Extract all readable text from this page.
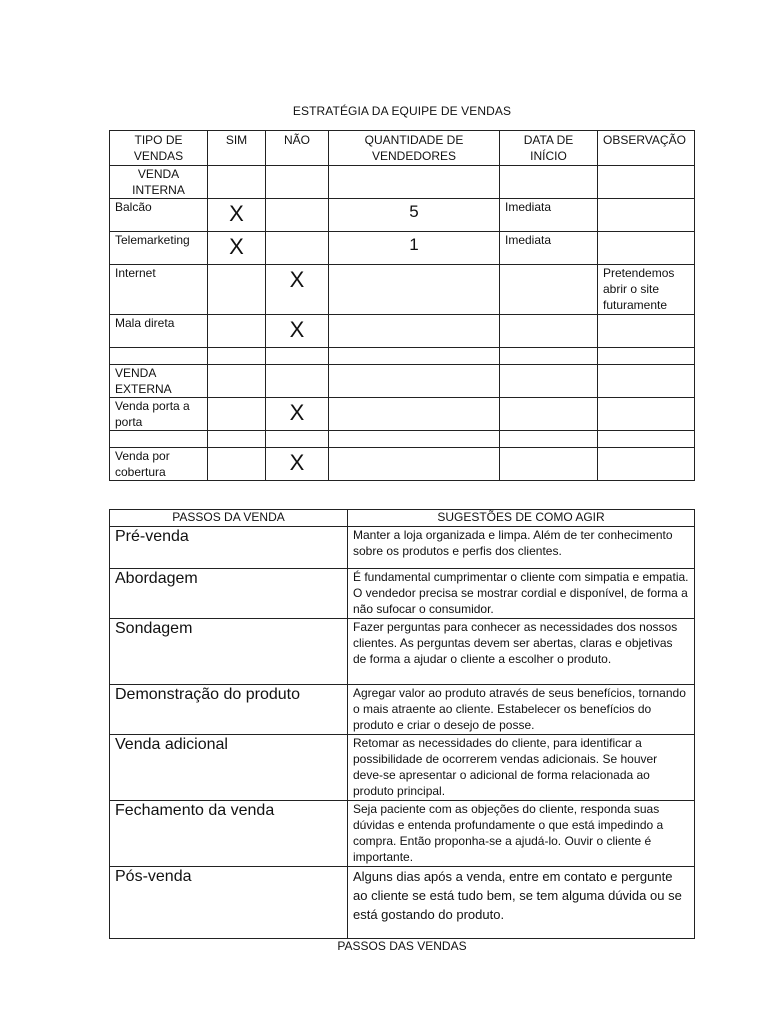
ESTRATÉGIA DA EQUIPE DE VENDAS
TIPO DE VENDAS	SIM	NÃO	QUANTIDADE DE VENDEDORES	DATA DE INÍCIO	OBSERVAÇÃO
VENDA INTERNA					
Balcão	X		5	Imediata	
Telemarketing	X		1	Imediata	
Internet		X			Pretendemos abrir o site futuramente
Mala direta		X			

VENDA EXTERNA					
Venda porta a porta		X			

Venda por cobertura		X			
PASSOS DA VENDA	SUGESTÕES DE COMO AGIR
Pré-venda	Manter a loja organizada e limpa. Além de ter conhecimento sobre os produtos e perfis dos clientes.
Abordagem	É fundamental cumprimentar o cliente com simpatia e empatia. O vendedor precisa se mostrar cordial e disponível, de forma a não sufocar o consumidor.
Sondagem	Fazer perguntas para conhecer as necessidades dos nossos clientes. As perguntas devem ser abertas, claras e objetivas de forma a ajudar o cliente a escolher o produto.
Demonstração do produto	Agregar valor ao produto através de seus benefícios, tornando o mais atraente ao cliente. Estabelecer os benefícios do produto e criar o desejo de posse.
Venda adicional	Retomar as necessidades do cliente, para identificar a possibilidade de ocorrerem vendas adicionais. Se houver deve-se apresentar o adicional de forma relacionada ao produto principal.
Fechamento da venda	Seja paciente com as objeções do cliente, responda suas dúvidas e entenda profundamente o que está impedindo a compra. Então proponha-se a ajudá-lo. Ouvir o cliente é importante.
Pós-venda	Alguns dias após a venda, entre em contato e pergunte ao cliente se está tudo bem, se tem alguma dúvida ou se está gostando do produto.
PASSOS DAS VENDAS
